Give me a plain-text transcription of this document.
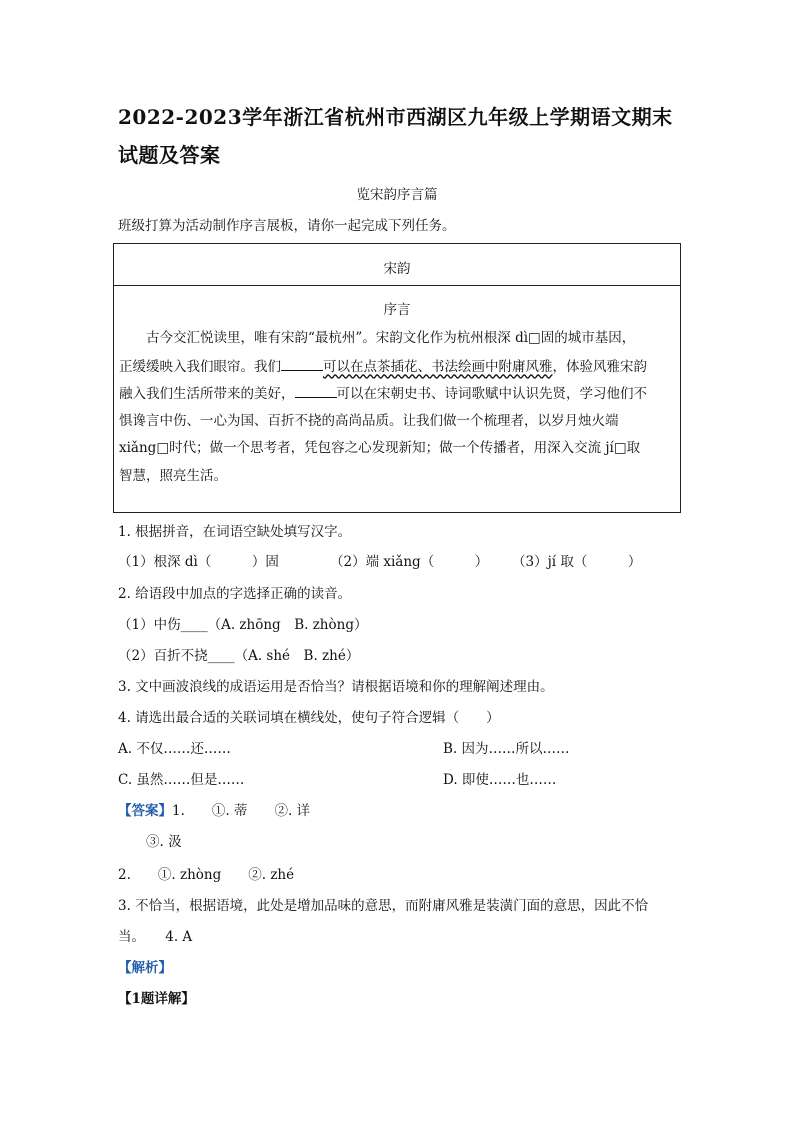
2022-2023学年浙江省杭州市西湖区九年级上学期语文期末试题及答案
览宋韵序言篇
班级打算为活动制作序言展板，请你一起完成下列任务。
宋韵
序言
古今交汇悦读里，唯有宋韵“最杭州”。宋韵文化作为杭州根深 dì□固的城市基因，
正缓缓映入我们眼帘。我们	可以在点茶插花、书法绘画中附庸风雅，体验风雅宋韵
融入我们生活所带来的美好，	可以在宋朝史书、诗词歌赋中认识先贤，学习他们不
惧谗言中伤、一心为国、百折不挠的高尚品质。让我们做一个梳理者，以岁月烛火端
xiǎng□时代；做一个思考者，凭包容之心发现新知；做一个传播者，用深入交流 jí□取
智慧，照亮生活。
1. 根据拼音，在词语空缺处填写汉字。
（1）根深 dì（　　　）固	（2）端 xiǎng（　　　） （3）jí 取（　　　）
2. 给语段中加点的字选择正确的读音。
（1）中伤____（A. zhōng　B. zhòng）
（2）百折不挠____（A. shé　B. zhé）
3. 文中画波浪线的成语运用是否恰当？请根据语境和你的理解阐述理由。
4. 请选出最合适的关联词填在横线处，使句子符合逻辑（　　）
A. 不仅……还……	B. 因为……所以……
C. 虽然……但是……	D. 即使……也……
【答案】1.　　①. 蒂　　②. 详
③. 汲
2.　　①. zhòng　　②. zhé
3. 不恰当，根据语境，此处是增加品味的意思，而附庸风雅是装潢门面的意思，因此不恰
当。　　4. A
【解析】
【1题详解】
